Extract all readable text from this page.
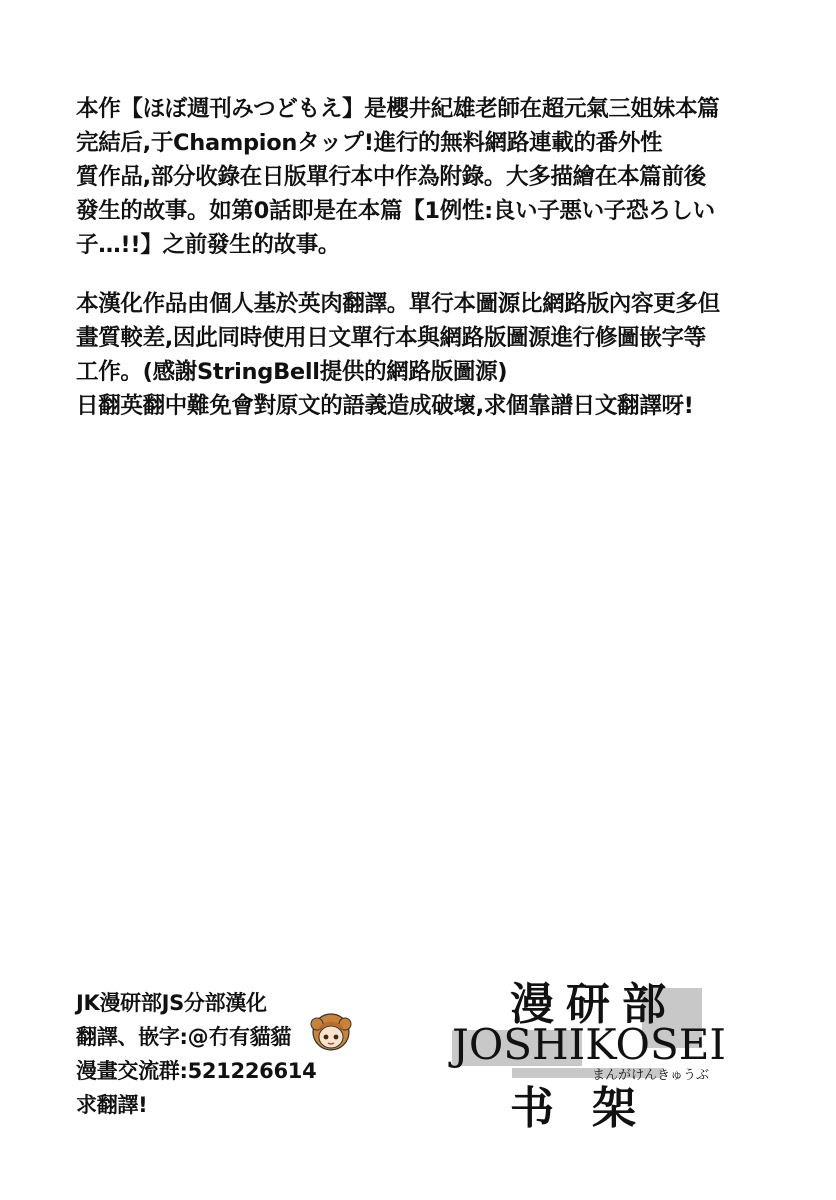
本作【ほぼ週刊みつどもえ】是櫻井紀雄老師在超元氣三姐妹本篇
完結后,于Championタップ!進行的無料網路連載的番外性
質作品,部分收錄在日版單行本中作為附錄。大多描繪在本篇前後
發生的故事。如第0話即是在本篇【1例性:良い子悪い子恐ろしい
子…!!】之前發生的故事。
本漢化作品由個人基於英肉翻譯。單行本圖源比網路版內容更多但
畫質較差,因此同時使用日文單行本與網路版圖源進行修圖嵌字等
工作。(感謝StringBell提供的網路版圖源)
日翻英翻中難免會對原文的語義造成破壞,求個靠譜日文翻譯呀!
JK漫研部JS分部漢化
翻譯、嵌字:@冇有貓貓
漫畫交流群:521226614
求翻譯!
漫研部
JOSHIKOSEI
まんがけんきゅうぶ
书架
